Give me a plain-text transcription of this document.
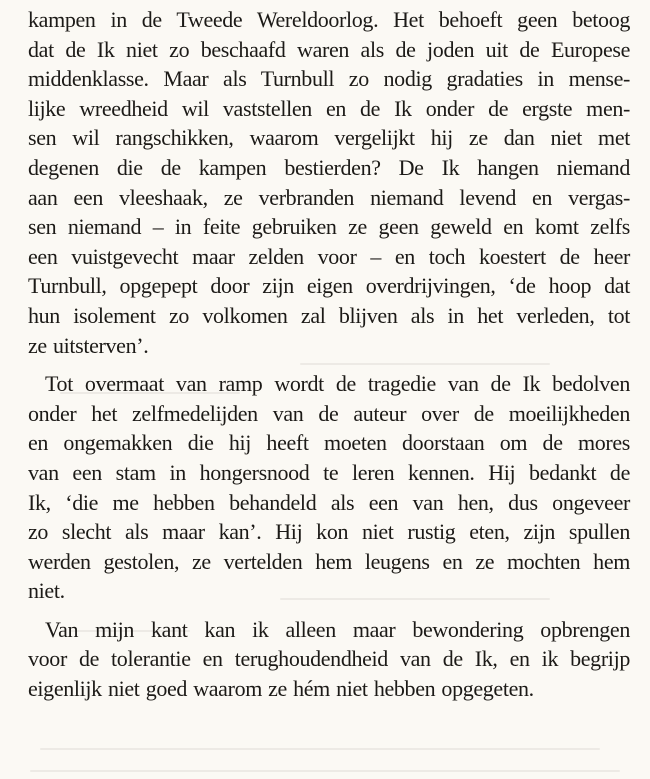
kampen in de Tweede Wereldoorlog. Het behoeft geen betoog
dat de Ik niet zo beschaafd waren als de joden uit de Europese
middenklasse. Maar als Turnbull zo nodig gradaties in mense-
lijke wreedheid wil vaststellen en de Ik onder de ergste men-
sen wil rangschikken, waarom vergelijkt hij ze dan niet met
degenen die de kampen bestierden? De Ik hangen niemand
aan een vleeshaak, ze verbranden niemand levend en vergas-
sen niemand – in feite gebruiken ze geen geweld en komt zelfs
een vuistgevecht maar zelden voor – en toch koestert de heer
Turnbull, opgepept door zijn eigen overdrijvingen, ‘de hoop dat
hun isolement zo volkomen zal blijven als in het verleden, tot
ze uitsterven’.
Tot overmaat van ramp wordt de tragedie van de Ik bedolven
onder het zelfmedelijden van de auteur over de moeilijkheden
en ongemakken die hij heeft moeten doorstaan om de mores
van een stam in hongersnood te leren kennen. Hij bedankt de
Ik, ‘die me hebben behandeld als een van hen, dus ongeveer
zo slecht als maar kan’. Hij kon niet rustig eten, zijn spullen
werden gestolen, ze vertelden hem leugens en ze mochten hem
niet.
Van mijn kant kan ik alleen maar bewondering opbrengen
voor de tolerantie en terughoudendheid van de Ik, en ik begrijp
eigenlijk niet goed waarom ze hém niet hebben opgegeten.
